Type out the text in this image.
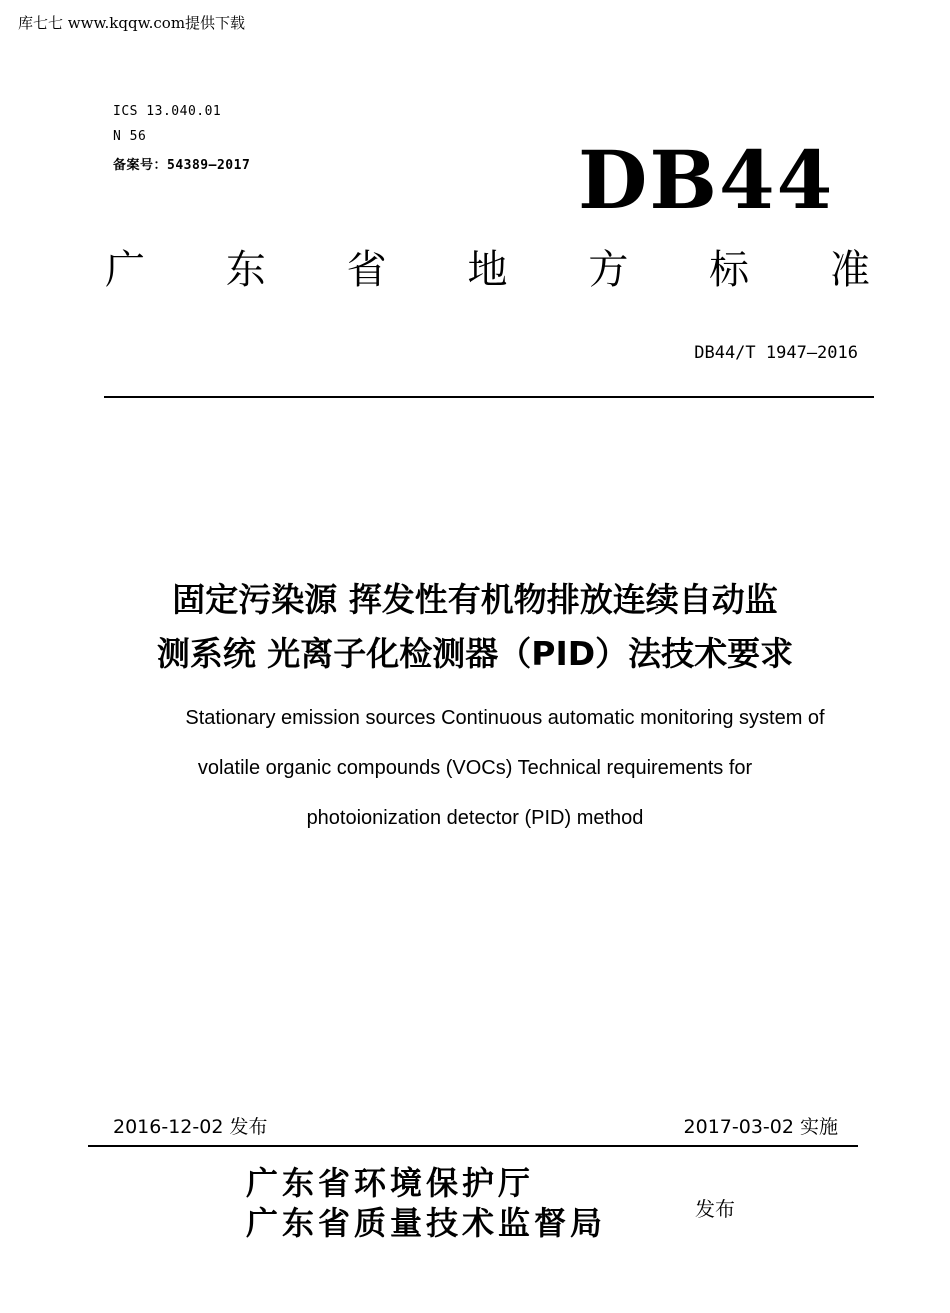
库七七 www.kqqw.com提供下载
ICS 13.040.01
N 56
备案号：54389—2017	DB44
广 东 省 地 方 标 准
DB44/T 1947—2016
固定污染源 挥发性有机物排放连续自动监
测系统 光离子化检测器（PID）法技术要求
Stationary emission sources Continuous automatic monitoring system of
volatile organic compounds (VOCs) Technical requirements for
photoionization detector (PID) method
2016-12-02 发布	2017-03-02 实施
广东省环境保护厅
广东省质量技术监督局	发布
